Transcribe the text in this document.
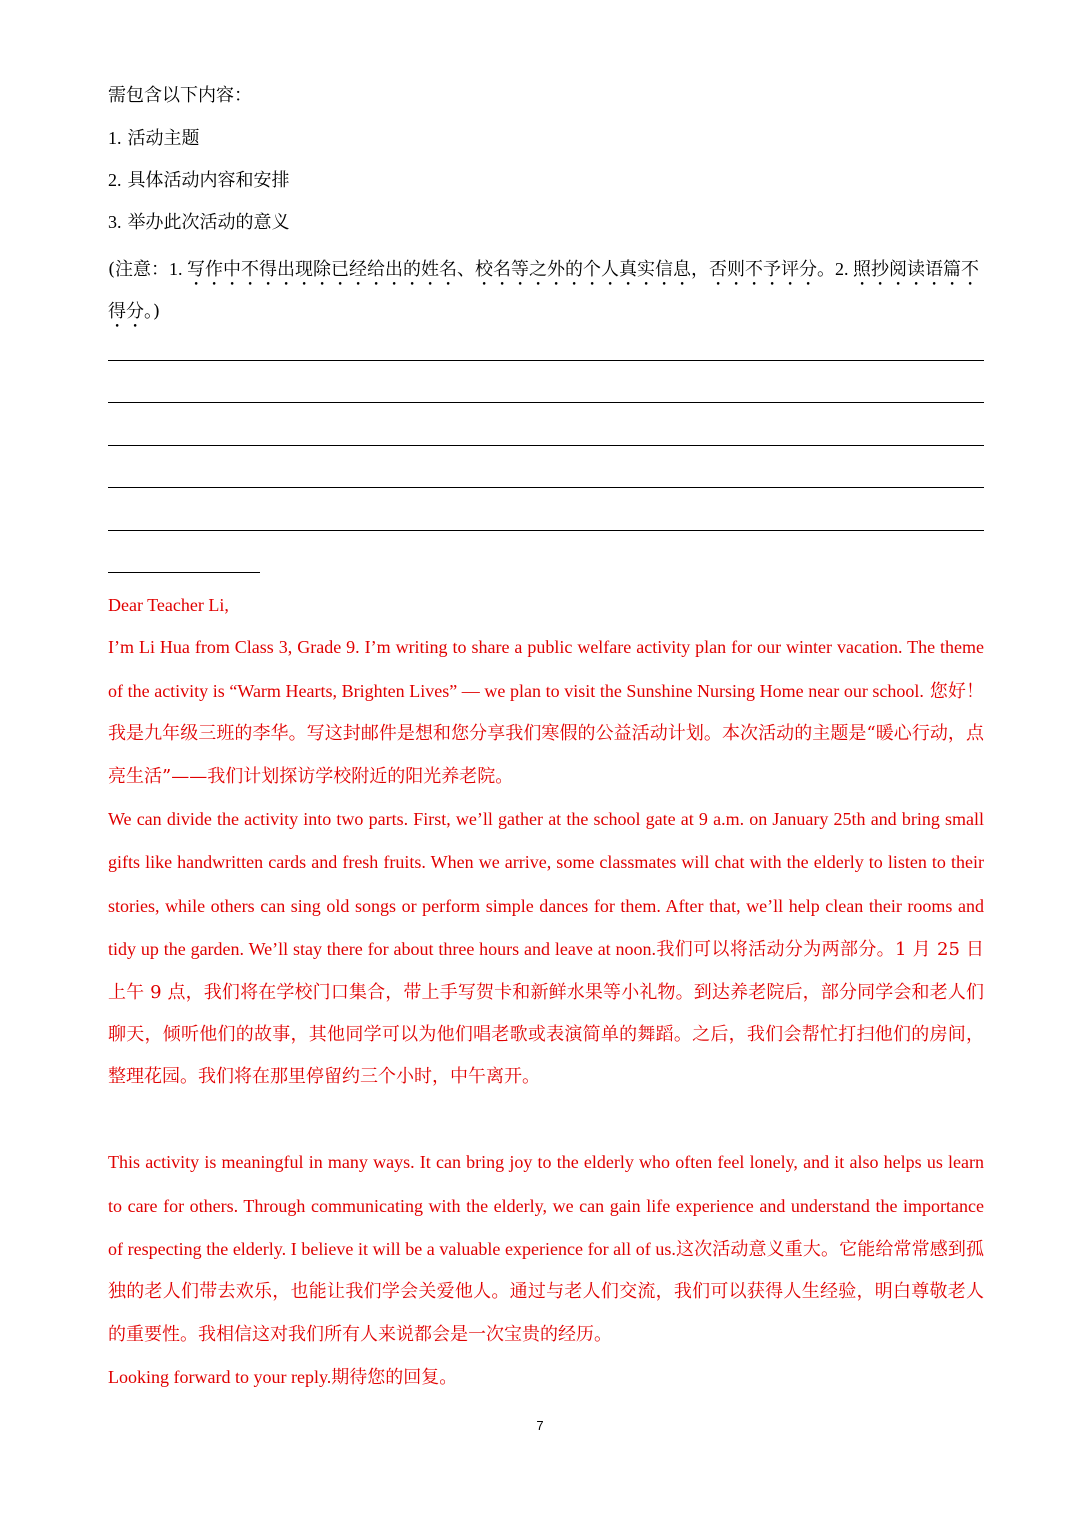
需包含以下内容：
1. 活动主题
2. 具体活动内容和安排
3. 举办此次活动的意义
(注意：1. 写作中不得出现除已经给出的姓名、校名等之外的个人真实信息，否则不予评分。2. 照抄阅读语篇不得分。)

Dear Teacher Li,

I’m Li Hua from Class 3, Grade 9. I’m writing to share a public welfare activity plan for our winter vacation. The theme of the activity is “Warm Hearts, Brighten Lives” — we plan to visit the Sunshine Nursing Home near our school. 您好！我是九年级三班的李华。写这封邮件是想和您分享我们寒假的公益活动计划。本次活动的主题是“暖心行动，点亮生活”——我们计划探访学校附近的阳光养老院。

We can divide the activity into two parts. First, we’ll gather at the school gate at 9 a.m. on January 25th and bring small gifts like handwritten cards and fresh fruits. When we arrive, some classmates will chat with the elderly to listen to their stories, while others can sing old songs or perform simple dances for them. After that, we’ll help clean their rooms and tidy up the garden. We’ll stay there for about three hours and leave at noon.我们可以将活动分为两部分。1 月 25 日上午 9 点，我们将在学校门口集合，带上手写贺卡和新鲜水果等小礼物。到达养老院后，部分同学会和老人们聊天，倾听他们的故事，其他同学可以为他们唱老歌或表演简单的舞蹈。之后，我们会帮忙打扫他们的房间，整理花园。我们将在那里停留约三个小时，中午离开。

This activity is meaningful in many ways. It can bring joy to the elderly who often feel lonely, and it also helps us learn to care for others. Through communicating with the elderly, we can gain life experience and understand the importance of respecting the elderly. I believe it will be a valuable experience for all of us.这次活动意义重大。它能给常常感到孤独的老人们带去欢乐，也能让我们学会关爱他人。通过与老人们交流，我们可以获得人生经验，明白尊敬老人的重要性。我相信这对我们所有人来说都会是一次宝贵的经历。

Looking forward to your reply.期待您的回复。

7
